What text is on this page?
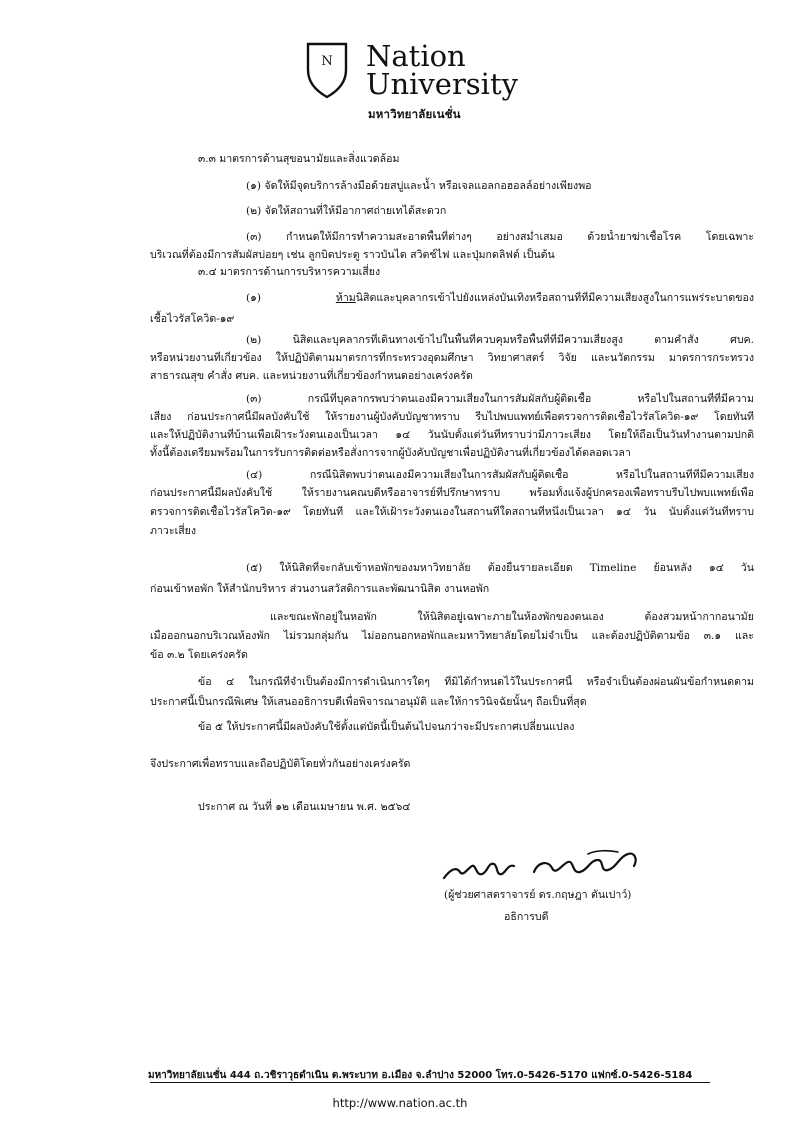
N Nation
University
มหาวิทยาลัยเนชั่น
๓.๓ มาตรการด้านสุขอนามัยและสิ่งแวดล้อม
(๑) จัดให้มีจุดบริการล้างมือด้วยสบู่และน้ำ หรือเจลแอลกอฮอลล์อย่างเพียงพอ
(๒) จัดให้สถานที่ให้มีอากาศถ่ายเทได้สะดวก
(๓) กำหนดให้มีการทำความสะอาดพื้นที่ต่างๆ อย่างสม่ำเสมอ ด้วยน้ำยาฆ่าเชื้อโรค โดยเฉพาะ
บริเวณที่ต้องมีการสัมผัสบ่อยๆ เช่น ลูกบิดประตู ราวบันได สวิตช์ไฟ และปุ่มกดลิฟต์ เป็นต้น
๓.๔ มาตรการด้านการบริหารความเสี่ยง
(๑) ห้ามนิสิตและบุคลากรเข้าไปยังแหล่งบันเทิงหรือสถานที่ที่มีความเสี่ยงสูงในการแพร่ระบาดของ
เชื้อไวรัสโควิด-๑๙
(๒) นิสิตและบุคลากรที่เดินทางเข้าไปในพื้นที่ควบคุมหรือพื้นที่ที่มีความเสี่ยงสูง ตามคำสั่ง ศบค.
หรือหน่วยงานที่เกี่ยวข้อง ให้ปฏิบัติตามมาตรการที่กระทรวงอุดมศึกษา วิทยาศาสตร์ วิจัย และนวัตกรรม มาตรการกระทรวง
สาธารณสุข คำสั่ง ศบค. และหน่วยงานที่เกี่ยวข้องกำหนดอย่างเคร่งครัด
(๓) กรณีที่บุคลากรพบว่าตนเองมีความเสี่ยงในการสัมผัสกับผู้ติดเชื้อ หรือไปในสถานที่ที่มีความ
เสี่ยง ก่อนประกาศนี้มีผลบังคับใช้ ให้รายงานผู้บังคับบัญชาทราบ รีบไปพบแพทย์เพื่อตรวจการติดเชื้อไวรัสโควิด-๑๙ โดยทันที
และให้ปฏิบัติงานที่บ้านเพื่อเฝ้าระวังตนเองเป็นเวลา ๑๔ วันนับตั้งแต่วันที่ทราบว่ามีภาวะเสี่ยง โดยให้ถือเป็นวันทำงานตามปกติ
ทั้งนี้ต้องเตรียมพร้อมในการรับการติดต่อหรือสั่งการจากผู้บังคับบัญชาเพื่อปฏิบัติงานที่เกี่ยวข้องได้ตลอดเวลา
(๔) กรณีนิสิตพบว่าตนเองมีความเสี่ยงในการสัมผัสกับผู้ติดเชื้อ หรือไปในสถานที่ที่มีความเสี่ยง
ก่อนประกาศนี้มีผลบังคับใช้ ให้รายงานคณบดีหรืออาจารย์ที่ปรึกษาทราบ พร้อมทั้งแจ้งผู้ปกครองเพื่อทราบรีบไปพบแพทย์เพื่อ
ตรวจการติดเชื้อไวรัสโควิด-๑๙ โดยทันที และให้เฝ้าระวังตนเองในสถานที่ใดสถานที่หนึ่งเป็นเวลา ๑๔ วัน นับตั้งแต่วันที่ทราบ
ภาวะเสี่ยง
(๕) ให้นิสิตที่จะกลับเข้าหอพักของมหาวิทยาลัย ต้องยื่นรายละเอียด Timeline ย้อนหลัง ๑๔ วัน
ก่อนเข้าหอพัก ให้สำนักบริหาร ส่วนงานสวัสดิการและพัฒนานิสิต งานหอพัก
และขณะพักอยู่ในหอพัก ให้นิสิตอยู่เฉพาะภายในห้องพักของตนเอง ต้องสวมหน้ากากอนามัย
เมื่อออกนอกบริเวณห้องพัก ไม่รวมกลุ่มกัน ไม่ออกนอกหอพักและมหาวิทยาลัยโดยไม่จำเป็น และต้องปฏิบัติตามข้อ ๓.๑ และ
ข้อ ๓.๒ โดยเคร่งครัด
ข้อ ๔ ในกรณีที่จำเป็นต้องมีการดำเนินการใดๆ ที่มิได้กำหนดไว้ในประกาศนี้ หรือจำเป็นต้องผ่อนผันข้อกำหนดตาม
ประกาศนี้เป็นกรณีพิเศษ ให้เสนออธิการบดีเพื่อพิจารณาอนุมัติ และให้การวินิจฉัยนั้นๆ ถือเป็นที่สุด
ข้อ ๕ ให้ประกาศนี้มีผลบังคับใช้ตั้งแต่บัดนี้เป็นต้นไปจนกว่าจะมีประกาศเปลี่ยนแปลง
จึงประกาศเพื่อทราบและถือปฏิบัติโดยทั่วกันอย่างเคร่งครัด
ประกาศ ณ วันที่ ๑๒ เดือนเมษายน พ.ศ. ๒๕๖๔
(ผู้ช่วยศาสตราจารย์ ดร.กฤษฎา ตันเปาว์)
อธิการบดี
มหาวิทยาลัยเนชั่น 444 ถ.วชิราวุธดำเนิน ต.พระบาท อ.เมือง จ.ลำปาง 52000 โทร.0-5426-5170 แฟกซ์.0-5426-5184
http://www.nation.ac.th
